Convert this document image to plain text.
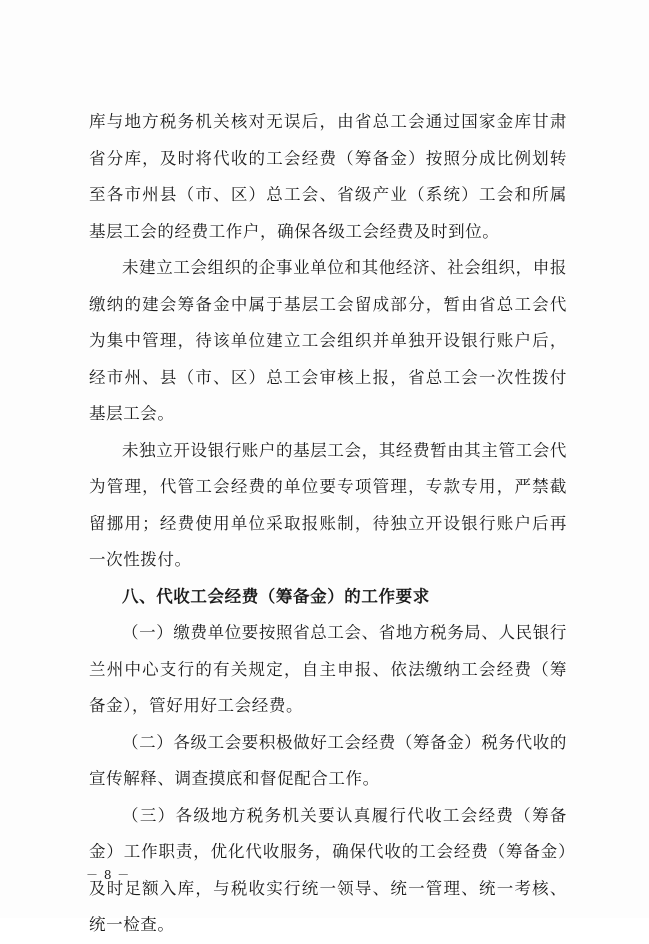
库与地方税务机关核对无误后，由省总工会通过国家金库甘肃省分库，及时将代收的工会经费（筹备金）按照分成比例划转至各市州县（市、区）总工会、省级产业（系统）工会和所属基层工会的经费工作户，确保各级工会经费及时到位。

未建立工会组织的企事业单位和其他经济、社会组织，申报缴纳的建会筹备金中属于基层工会留成部分，暂由省总工会代为集中管理，待该单位建立工会组织并单独开设银行账户后，经市州、县（市、区）总工会审核上报，省总工会一次性拨付基层工会。

未独立开设银行账户的基层工会，其经费暂由其主管工会代为管理，代管工会经费的单位要专项管理，专款专用，严禁截留挪用；经费使用单位采取报账制，待独立开设银行账户后再一次性拨付。

八、代收工会经费（筹备金）的工作要求

（一）缴费单位要按照省总工会、省地方税务局、人民银行兰州中心支行的有关规定，自主申报、依法缴纳工会经费（筹备金），管好用好工会经费。

（二）各级工会要积极做好工会经费（筹备金）税务代收的宣传解释、调查摸底和督促配合工作。

（三）各级地方税务机关要认真履行代收工会经费（筹备金）工作职责，优化代收服务，确保代收的工会经费（筹备金）及时足额入库，与税收实行统一领导、统一管理、统一考核、统一检查。

－ 8 －
